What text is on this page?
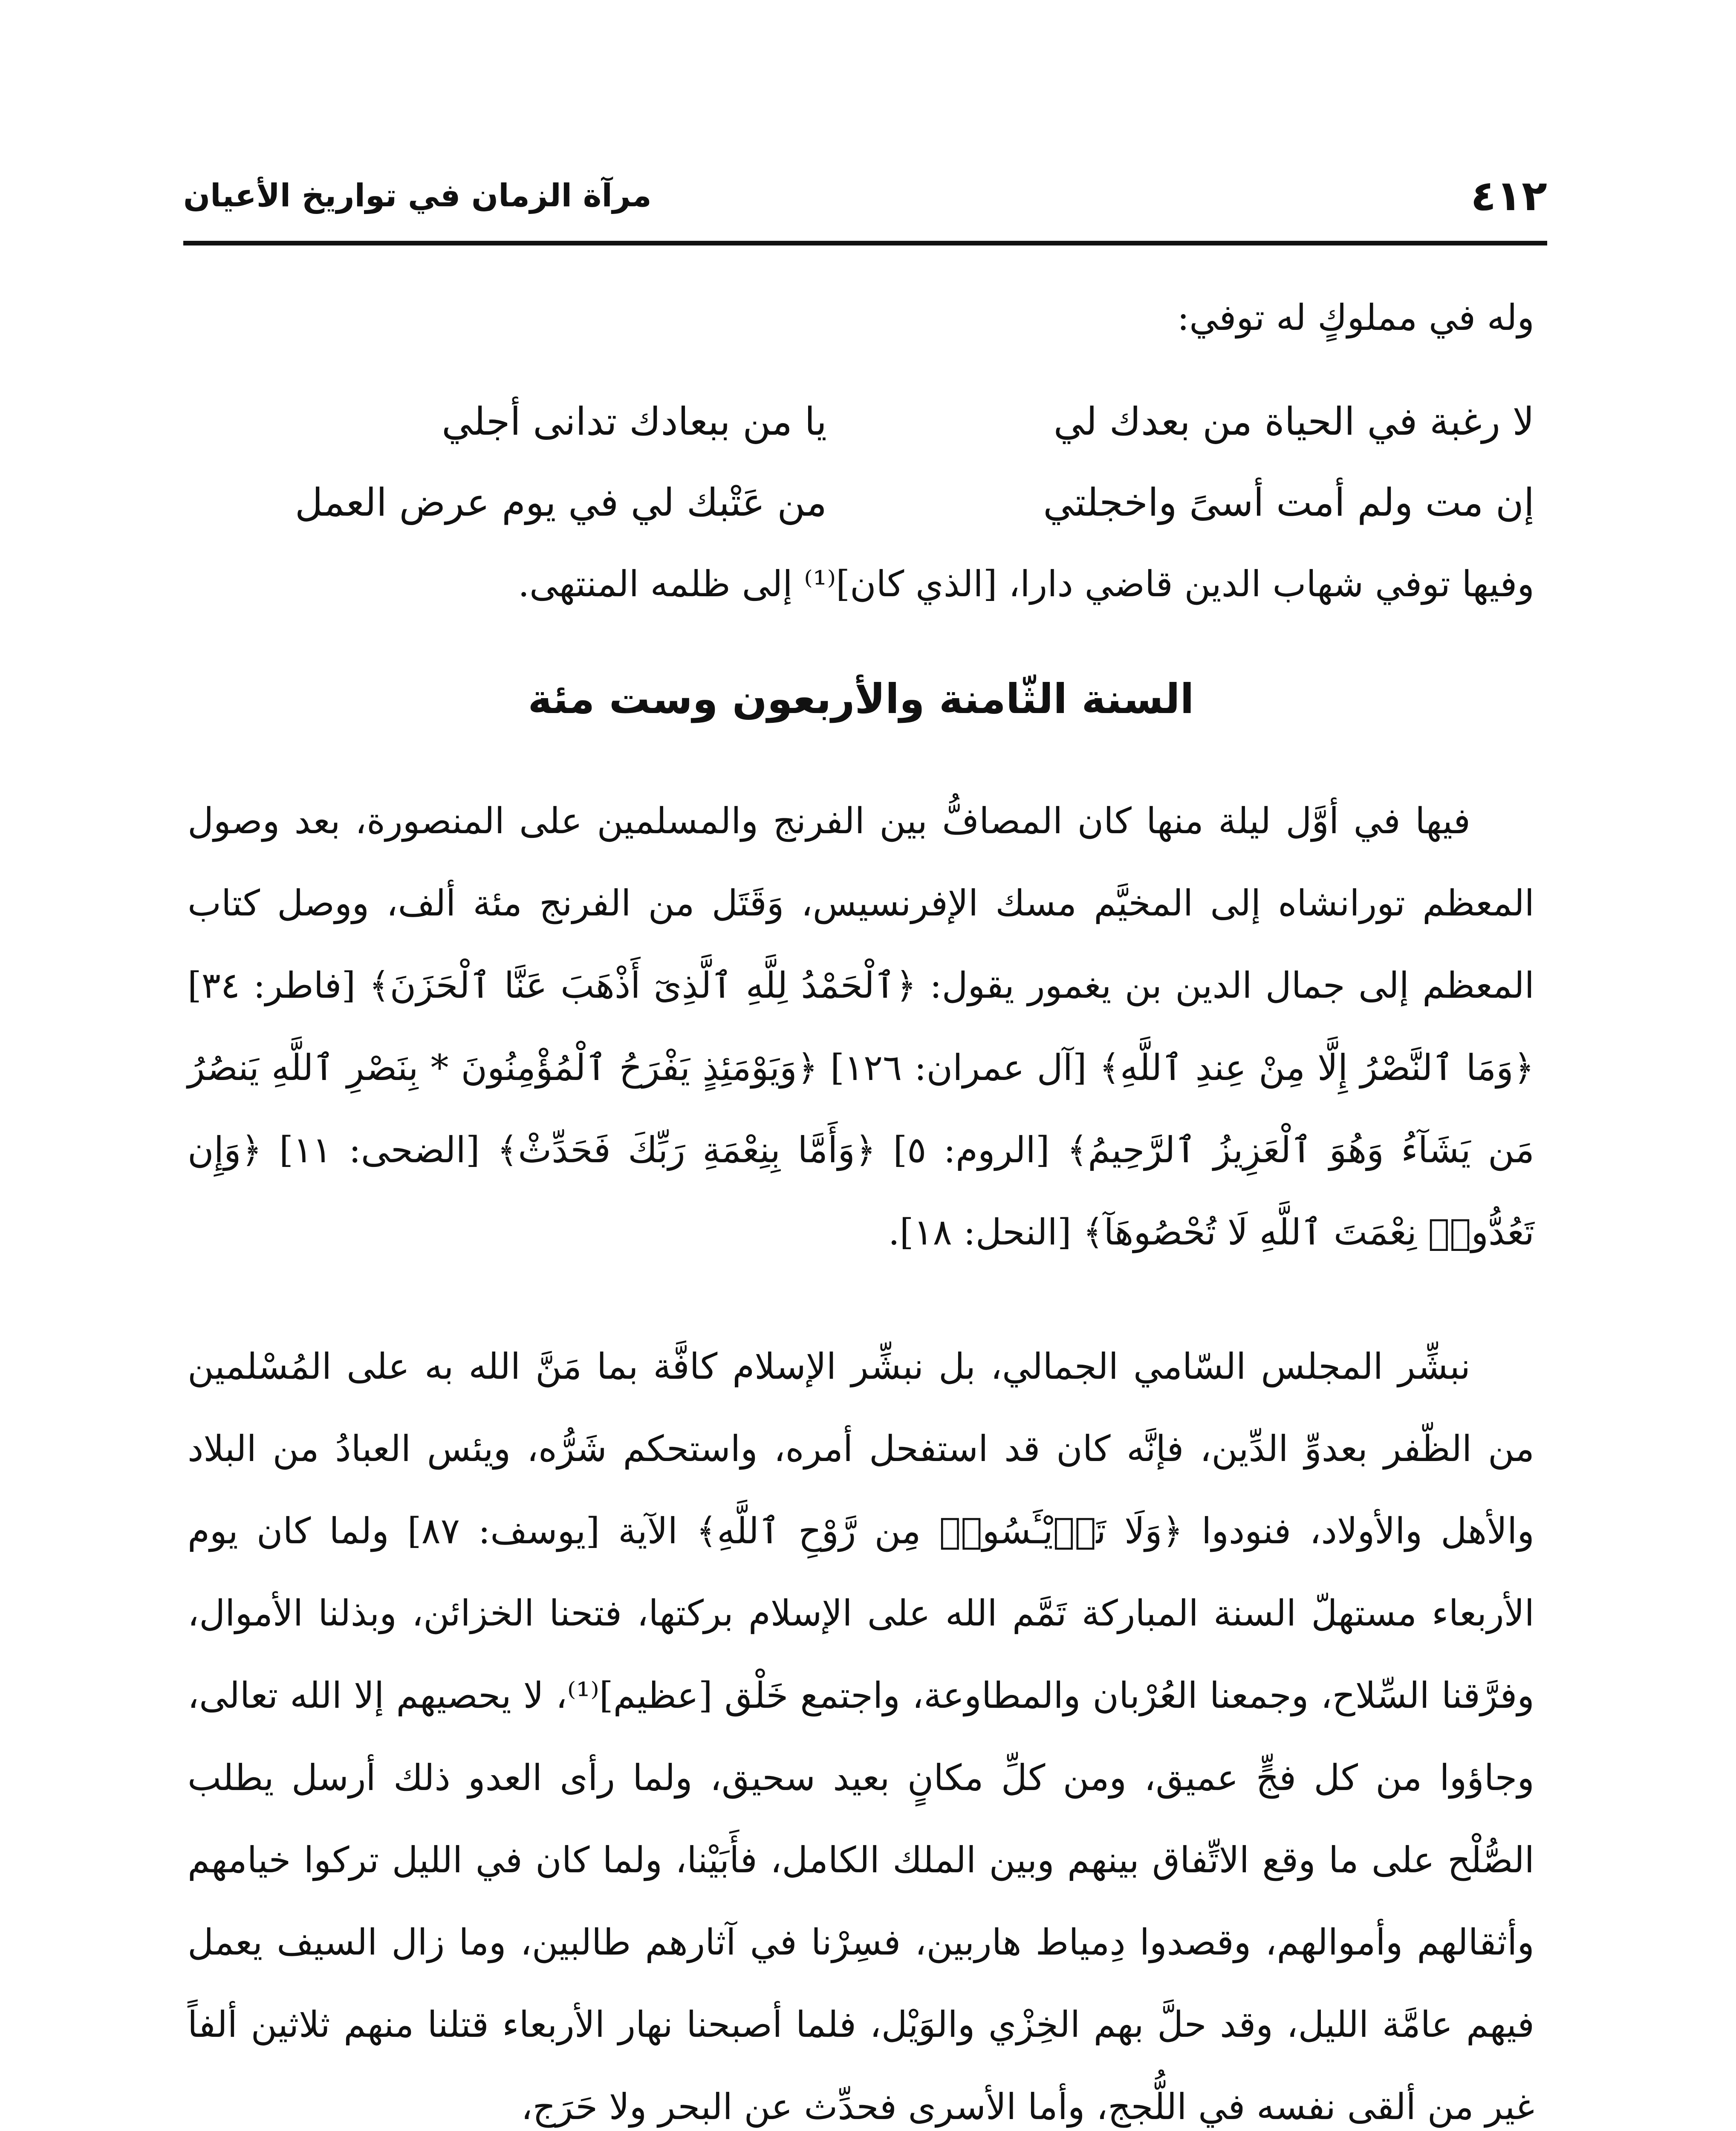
٤١٢
مرآة الزمان في تواريخ الأعيان
وله في مملوكٍ له توفي:
لا رغبة في الحياة من بعدك لي
يا من ببعادك تدانى أجلي
إن مت ولم أمت أسىً واخجلتي
من عَتْبك لي في يوم عرض العمل
وفيها توفي شهاب الدين قاضي دارا، [الذي كان]⁽¹⁾ إلى ظلمه المنتهى.
السنة الثّامنة والأربعون وست مئة
فيها في أوَّل ليلة منها كان المصافُّ بين الفرنج والمسلمين على المنصورة، بعد وصول المعظم تورانشاه إلى المخيَّم مسك الإفرنسيس، وَقَتَل من الفرنج مئة ألف، ووصل كتاب المعظم إلى جمال الدين بن يغمور يقول: ﴿ٱلْحَمْدُ لِلَّهِ ٱلَّذِىٓ أَذْهَبَ عَنَّا ٱلْحَزَنَ﴾ [فاطر: ٣٤] ﴿وَمَا ٱلنَّصْرُ إِلَّا مِنْ عِندِ ٱللَّهِ﴾ [آل عمران: ١٢٦] ﴿وَيَوْمَئِذٍ يَفْرَحُ ٱلْمُؤْمِنُونَ * بِنَصْرِ ٱللَّهِ يَنصُرُ مَن يَشَآءُ وَهُوَ ٱلْعَزِيزُ ٱلرَّحِيمُ﴾ [الروم: ٥] ﴿وَأَمَّا بِنِعْمَةِ رَبِّكَ فَحَدِّثْ﴾ [الضحى: ١١] ﴿وَإِن تَعُدُّوا۟ نِعْمَتَ ٱللَّهِ لَا تُحْصُوهَآ﴾ [النحل: ١٨].
نبشِّر المجلس السّامي الجمالي، بل نبشِّر الإسلام كافَّة بما مَنَّ الله به على المُسْلمين من الظّفر بعدوِّ الدِّين، فإنَّه كان قد استفحل أمره، واستحكم شَرُّه، ويئس العبادُ من البلاد والأهل والأولاد، فنودوا ﴿وَلَا تَا۟يْـَٔسُوا۟ مِن رَّوْحِ ٱللَّهِ﴾ الآية [يوسف: ٨٧] ولما كان يوم الأربعاء مستهلّ السنة المباركة تَمَّم الله على الإسلام بركتها، فتحنا الخزائن، وبذلنا الأموال، وفرَّقنا السِّلاح، وجمعنا العُرْبان والمطاوعة، واجتمع خَلْق [عظيم]⁽¹⁾، لا يحصيهم إلا الله تعالى، وجاؤوا من كل فجٍّ عميق، ومن كلِّ مكانٍ بعيد سحيق، ولما رأى العدو ذلك أرسل يطلب الصُّلْح على ما وقع الاتِّفاق بينهم وبين الملك الكامل، فأَبَيْنا، ولما كان في الليل تركوا خيامهم وأثقالهم وأموالهم، وقصدوا دِمياط هاربين، فسِرْنا في آثارهم طالبين، وما زال السيف يعمل فيهم عامَّة الليل، وقد حلَّ بهم الخِزْي والوَيْل، فلما أصبحنا نهار الأربعاء قتلنا منهم ثلاثين ألفاً غير من ألقى نفسه في اللُّجج، وأما الأسرى فحدِّث عن البحر ولا حَرَج،
